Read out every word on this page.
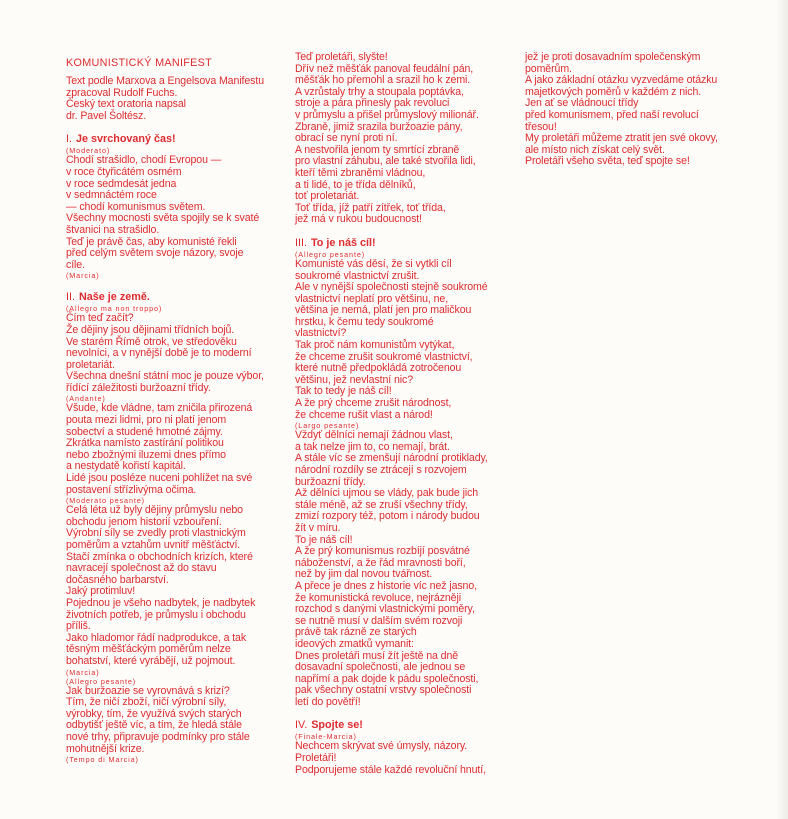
KOMUNISTICKÝ MANIFEST
Text podle Marxova a Engelsova Manifestu
zpracoval Rudolf Fuchs.
Český text oratoria napsal
dr. Pavel Šoltész.
I. Je svrchovaný čas!
(Moderato)
Chodí strašidlo, chodí Evropou —
v roce čtyřicátém osmém
v roce sedmdesát jedna
v sedmnáctém roce
— chodí komunismus světem.
Všechny mocnosti světa spojily se k svaté
štvanici na strašidlo.
Teď je právě čas, aby komunisté řekli
před celým světem svoje názory, svoje
cíle.
(Marcia)
II. Naše je země.
(Allegro ma non troppo)
Čím teď začít?
Že dějiny jsou dějinami třídních bojů.
Ve starém Římě otrok, ve středověku
nevolníci, a v nynější době je to moderní
proletariát.
Všechna dnešní státní moc je pouze výbor,
řídící záležitosti buržoazní třídy.
(Andante)
Všude, kde vládne, tam zničila přirozená
pouta mezi lidmi, pro ni platí jenom
sobectví a studené hmotné zájmy.
Zkrátka namísto zastírání politikou
nebo zbožnými iluzemi dnes přímo
a nestydatě kořistí kapitál.
Lidé jsou posléze nuceni pohlížet na své
postavení střízlivýma očima.
(Moderato pesante)
Celá léta už byly dějiny průmyslu nebo
obchodu jenom historií vzbouření.
Výrobní síly se zvedly proti vlastnickým
poměrům a vztahům uvnitř měšťáctví.
Stačí zmínka o obchodních krizích, které
navracejí společnost až do stavu
dočasného barbarství.
Jaký protimluv!
Pojednou je všeho nadbytek, je nadbytek
životních potřeb, je průmyslu i obchodu
příliš.
Jako hladomor řádí nadprodukce, a tak
těsným měšťáckým poměrům nelze
bohatství, které vyrábějí, už pojmout.
(Marcia)
(Allegro pesante)
Jak buržoazie se vyrovnává s krizí?
Tím, že ničí zboží, ničí výrobní síly,
výrobky, tím, že využívá svých starých
odbytišť ještě víc, a tím, že hledá stále
nové trhy, připravuje podmínky pro stále
mohutnější krize.
(Tempo di Marcia)
Teď proletáři, slyšte!
Dřív než měšťák panoval feudální pán,
měšťák ho přemohl a srazil ho k zemi.
A vzrůstaly trhy a stoupala poptávka,
stroje a pára přinesly pak revoluci
v průmyslu a přišel průmyslový milionář.
Zbraně, jimiž srazila buržoazie pány,
obrací se nyní proti ní.
A nestvořila jenom ty smrtící zbraně
pro vlastní záhubu, ale také stvořila lidi,
kteří těmi zbraněmi vládnou,
a ti lidé, to je třída dělníků,
toť proletariát.
Toť třída, jíž patří zítřek, toť třída,
jež má v rukou budoucnost!
III. To je náš cíl!
(Allegro pesante)
Komunisté vás děsí, že si vytkli cíl
soukromé vlastnictví zrušit.
Ale v nynější společnosti stejně soukromé
vlastnictví neplatí pro většinu, ne,
většina je nemá, platí jen pro maličkou
hrstku, k čemu tedy soukromé
vlastnictví?
Tak proč nám komunistům vytýkat,
že chceme zrušit soukromé vlastnictví,
které nutně předpokládá zotročenou
většinu, jež nevlastní nic?
Tak to tedy je náš cíl!
A že prý chceme zrušit národnost,
že chceme rušit vlast a národ!
(Largo pesante)
Vždyť dělníci nemají žádnou vlast,
a tak nelze jim to, co nemají, brát.
A stále víc se zmenšují národní protiklady,
národní rozdíly se ztrácejí s rozvojem
buržoazní třídy.
Až dělníci ujmou se vlády, pak bude jich
stále méně, až se zruší všechny třídy,
zmizí rozpory též, potom i národy budou
žít v míru.
To je náš cíl!
A že prý komunismus rozbíjí posvátné
náboženství, a že řád mravnosti boří,
než by jim dal novou tvářnost.
A přece je dnes z historie víc než jasno,
že komunistická revoluce, nejrázněji
rozchod s danými vlastnickými poměry,
se nutně musí v dalším svém rozvoji
právě tak rázně ze starých
ideových zmatků vymanit:
Dnes proletáři musí žít ještě na dně
dosavadní společnosti, ale jednou se
napřímí a pak dojde k pádu společnosti,
pak všechny ostatní vrstvy společnosti
letí do povětří!
IV. Spojte se!
(Finale-Marcia)
Nechcem skrývat své úmysly, názory.
Proletáři!
Podporujeme stále každé revoluční hnutí,
jež je proti dosavadním společenským
poměrům.
A jako základní otázku vyzvedáme otázku
majetkových poměrů v každém z nich.
Jen ať se vládnoucí třídy
před komunismem, před naší revolucí
třesou!
My proletáři můžeme ztratit jen své okovy,
ale místo nich získat celý svět.
Proletáři všeho světa, teď spojte se!
